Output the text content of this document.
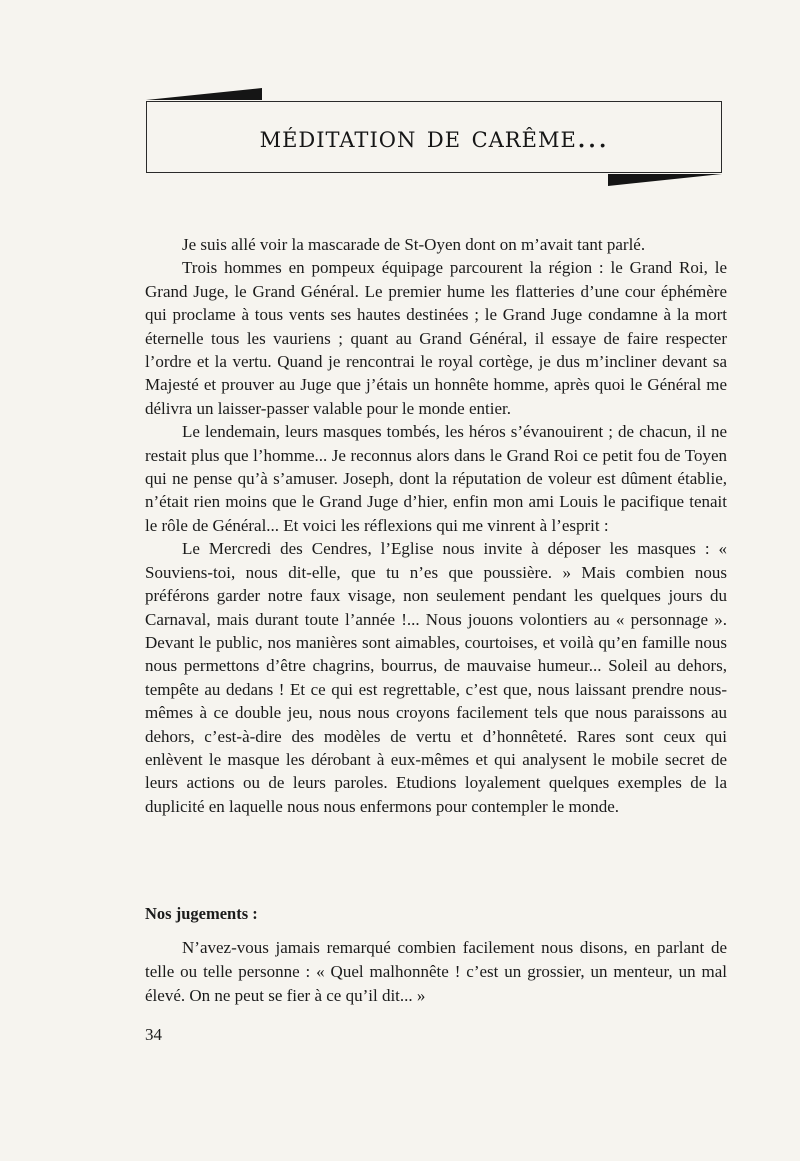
méditation de carême...

Je suis allé voir la mascarade de St-Oyen dont on m’avait tant parlé.

Trois hommes en pompeux équipage parcourent la région : le Grand Roi, le Grand Juge, le Grand Général. Le premier hume les flatteries d’une cour éphémère qui proclame à tous vents ses hautes destinées ; le Grand Juge condamne à la mort éternelle tous les vauriens ; quant au Grand Général, il essaye de faire respecter l’ordre et la vertu. Quand je rencontrai le royal cortège, je dus m’incliner devant sa Majesté et prouver au Juge que j’étais un honnête homme, après quoi le Général me délivra un laisser-passer valable pour le monde entier.

Le lendemain, leurs masques tombés, les héros s’évanouirent ; de chacun, il ne restait plus que l’homme... Je reconnus alors dans le Grand Roi ce petit fou de Toyen qui ne pense qu’à s’amuser. Joseph, dont la réputation de voleur est dûment établie, n’était rien moins que le Grand Juge d’hier, enfin mon ami Louis le pacifique tenait le rôle de Général... Et voici les réflexions qui me vinrent à l’esprit :

Le Mercredi des Cendres, l’Eglise nous invite à déposer les masques : « Souviens-toi, nous dit-elle, que tu n’es que poussière. » Mais combien nous préférons garder notre faux visage, non seulement pendant les quelques jours du Carnaval, mais durant toute l’année !... Nous jouons volontiers au « personnage ». Devant le public, nos manières sont aimables, courtoises, et voilà qu’en famille nous nous permettons d’être chagrins, bourrus, de mauvaise humeur... Soleil au dehors, tempête au dedans ! Et ce qui est regrettable, c’est que, nous laissant prendre nous-mêmes à ce double jeu, nous nous croyons facilement tels que nous paraissons au dehors, c’est-à-dire des modèles de vertu et d’honnêteté. Rares sont ceux qui enlèvent le masque les dérobant à eux-mêmes et qui analysent le mobile secret de leurs actions ou de leurs paroles. Etudions loyalement quelques exemples de la duplicité en laquelle nous nous enfermons pour contempler le monde.

Nos jugements :

N’avez-vous jamais remarqué combien facilement nous disons, en parlant de telle ou telle personne : « Quel malhonnête ! c’est un grossier, un menteur, un mal élevé. On ne peut se fier à ce qu’il dit... »

34
